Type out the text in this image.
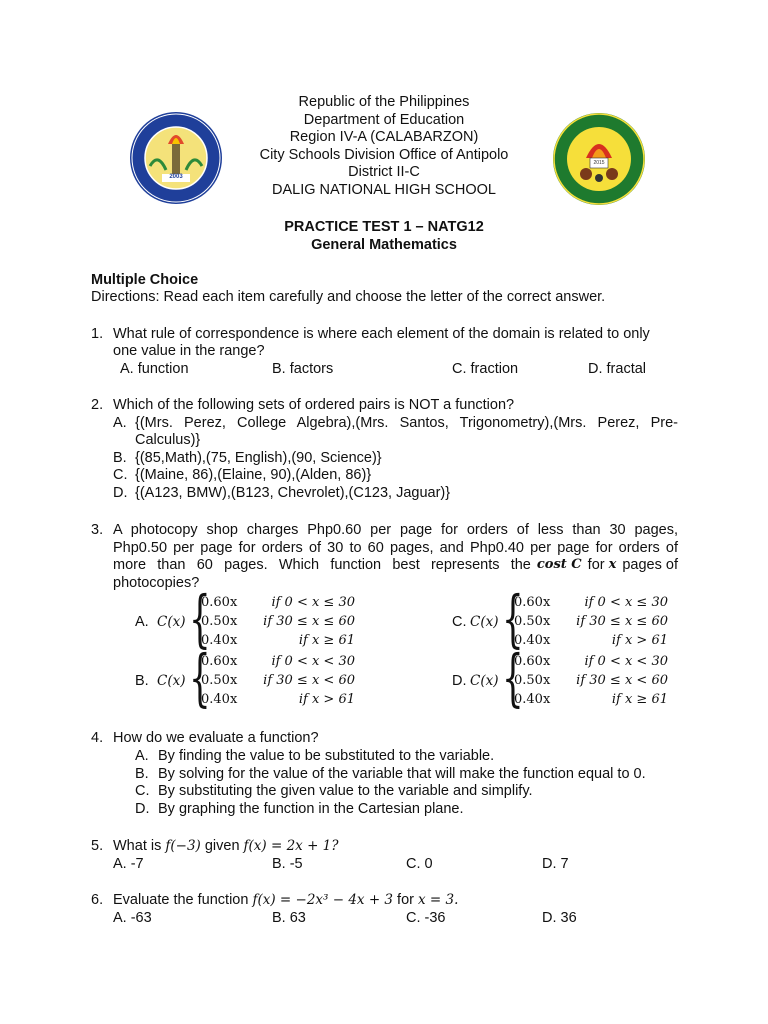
2003
2015
Republic of the Philippines
Department of Education
Region IV-A (CALABARZON)
City Schools Division Office of Antipolo
District II-C
DALIG NATIONAL HIGH SCHOOL
PRACTICE TEST 1 – NATG12
General Mathematics
Multiple Choice
Directions: Read each item carefully and choose the letter of the correct answer.
1. What rule of correspondence is where each element of the domain is related to only
one value in the range?
A. function	B. factors	C. fraction	D. fractal
2. Which of the following sets of ordered pairs is NOT a function?
A. {(Mrs. Perez, College Algebra),(Mrs. Santos, Trigonometry),(Mrs. Perez, Pre-
Calculus)}
B. {(85,Math),(75, English),(90, Science)}
C. {(Maine, 86),(Elaine, 90),(Alden, 86)}
D. {(A123, BMW),(B123, Chevrolet),(C123, Jaguar)}
3. A photocopy shop charges Php0.60 per page for orders of less than 30 pages,
Php0.50 per page for orders of 30 to 60 pages, and Php0.40 per page for orders of
more than 60 pages. Which function best represents the cost C for x pages of
photocopies?
A. C(x) {
0.60x	if 0 < x ≤ 30
0.50x if 30 ≤ x ≤ 60
0.40x	if x ≥ 61
C. C(x) {
0.60x	if 0 < x ≤ 30
0.50x if 30 ≤ x ≤ 60
0.40x	if x > 61
B. C(x) {
0.60x	if 0 < x < 30
0.50x if 30 ≤ x < 60
0.40x	if x > 61
D. C(x) {
0.60x	if 0 < x < 30
0.50x if 30 ≤ x < 60
0.40x	if x ≥ 61
4. How do we evaluate a function?
A. By finding the value to be substituted to the variable.
B. By solving for the value of the variable that will make the function equal to 0.
C. By substituting the given value to the variable and simplify.
D. By graphing the function in the Cartesian plane.
5. What is f(−3) given f(x) = 2x + 1?
A. -7	B. -5	C. 0	D. 7
6. Evaluate the function f(x) = −2x³ − 4x + 3 for x = 3.
A. -63	B. 63	C. -36	D. 36
